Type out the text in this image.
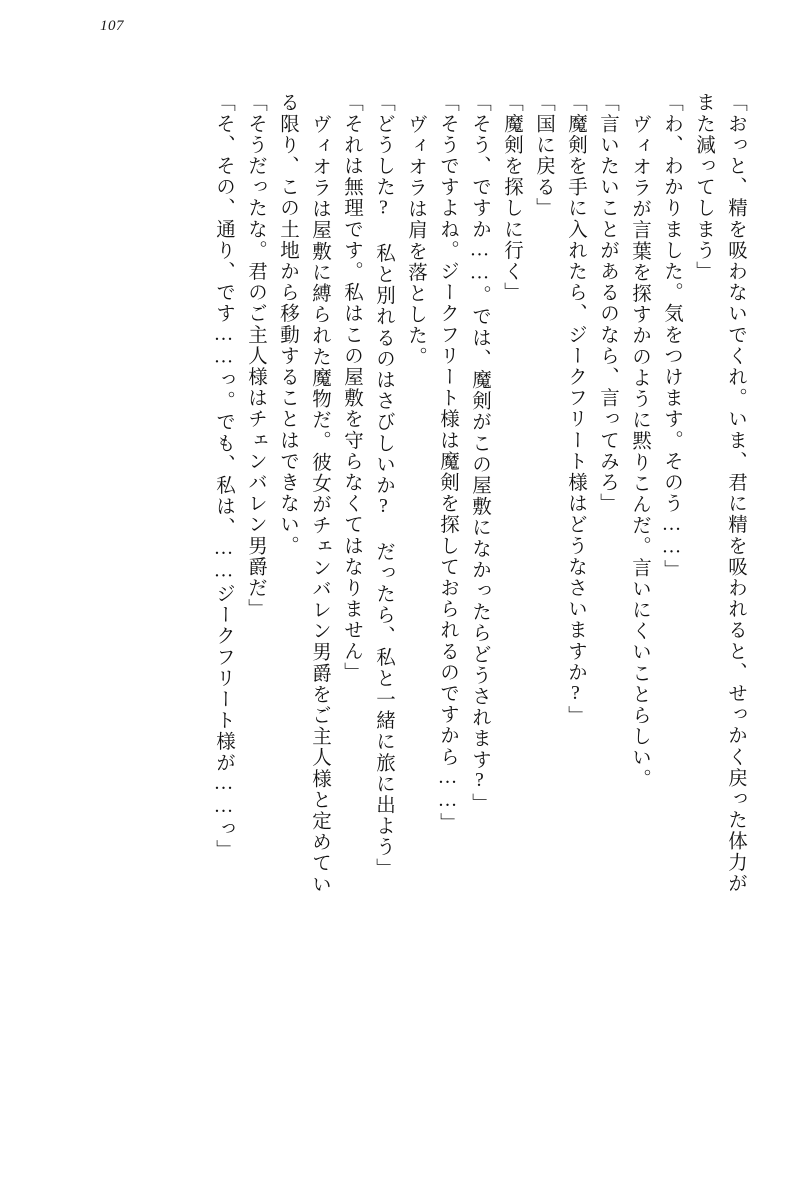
107
「おっと、精を吸わないでくれ。いま、君に精を吸われると、せっかく戻った体力が
また減ってしまう」
「わ、わかりました。気をつけます。そのう……」
ヴィオラが言葉を探すかのように黙りこんだ。言いにくいことらしい。
「言いたいことがあるのなら、言ってみろ」
「魔剣を手に入れたら、ジークフリート様はどうなさいますか?」
「国に戻る」
「魔剣を探しに行く」
「そう、ですか……。では、魔剣がこの屋敷になかったらどうされます?」
「そうですよね。ジークフリート様は魔剣を探しておられるのですから……」
ヴィオラは肩を落とした。
「どうした? 私と別れるのはさびしいか? だったら、私と一緒に旅に出よう」
「それは無理です。私はこの屋敷を守らなくてはなりません」
ヴィオラは屋敷に縛られた魔物だ。彼女がチェンバレン男爵をご主人様と定めてい
る限り、この土地から移動することはできない。
「そうだったな。君のご主人様はチェンバレン男爵だ」
「そ、その、通り、です……っ。でも、私は、……ジークフリート様が……っ」
